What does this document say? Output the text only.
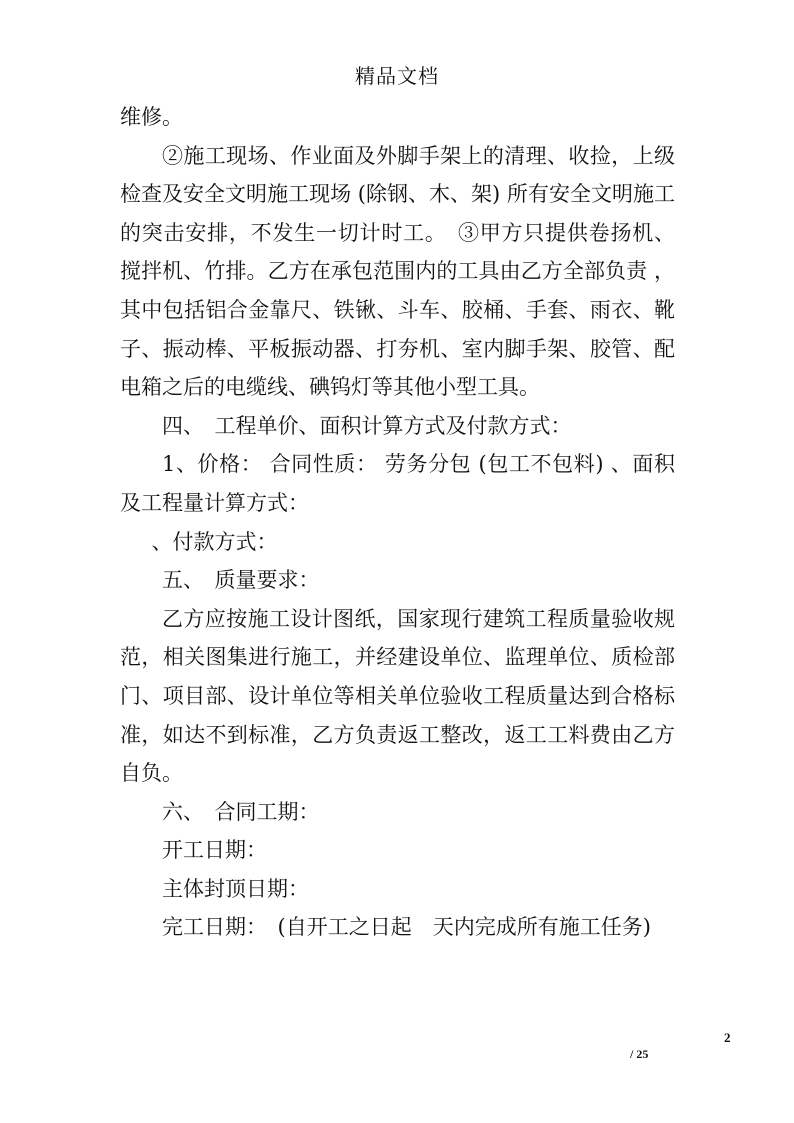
精品文档

维修。

②施工现场、作业面及外脚手架上的清理、收捡，上级检查及安全文明施工现场 (除钢、木、架) 所有安全文明施工的突击安排，不发生一切计时工。　③甲方只提供卷扬机、搅拌机、竹排。乙方在承包范围内的工具由乙方全部负责 ，其中包括铝合金靠尺、铁锹、斗车、胶桶、手套、雨衣、靴子、振动棒、平板振动器、打夯机、室内脚手架、胶管、配电箱之后的电缆线、碘钨灯等其他小型工具。

四、　工程单价、面积计算方式及付款方式：

1、价格： 合同性质： 劳务分包 (包工不包料) 、面积及工程量计算方式：

、付款方式：

五、　质量要求：

乙方应按施工设计图纸，国家现行建筑工程质量验收规范，相关图集进行施工，并经建设单位、监理单位、质检部门、项目部、设计单位等相关单位验收工程质量达到合格标准，如达不到标准，乙方负责返工整改，返工工料费由乙方自负。

六、　合同工期：

开工日期：

主体封顶日期：

完工日期：　(自开工之日起　天内完成所有施工任务)

2
/ 25
